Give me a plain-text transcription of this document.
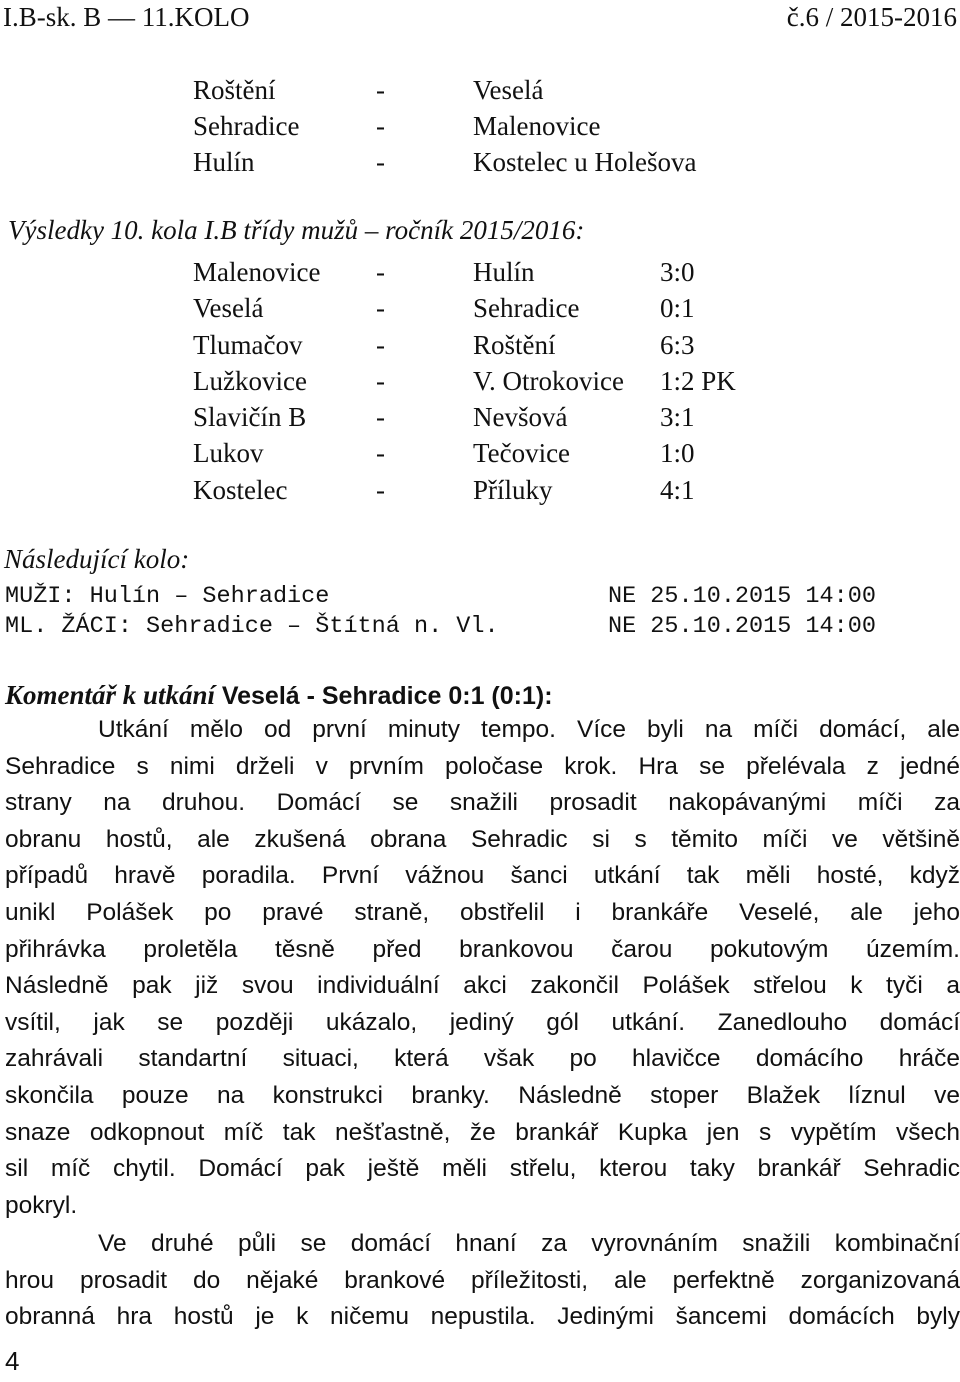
I.B-sk. B — 11.KOLO	č.6 / 2015-2016
Roštění	-	Veselá
Sehradice	-	Malenovice
Hulín	-	Kostelec u Holešova
Výsledky 10. kola I.B třídy mužů – ročník 2015/2016:
Malenovice -	Hulín	3:0
Veselá	-	Sehradice	0:1
Tlumačov	-	Roštění	6:3
Lužkovice	-	V. Otrokovice	1:2 PK
Slavičín B	-	Nevšová	3:1
Lukov	-	Tečovice	1:0
Kostelec	-	Příluky	4:1
Následující kolo:
MUŽI: Hulín – Sehradice	NE 25.10.2015 14:00
ML. ŽÁCI: Sehradice – Štítná n. Vl.	NE 25.10.2015 14:00
Komentář k utkání Veselá - Sehradice 0:1 (0:1):
Utkání mělo od první minuty tempo. Více byli na míči domácí, ale
Sehradice s nimi drželi v prvním poločase krok. Hra se přelévala z jedné
strany na druhou. Domácí se snažili prosadit nakopávanými míči za
obranu hostů, ale zkušená obrana Sehradic si s těmito míči ve většině
případů hravě poradila. První vážnou šanci utkání tak měli hosté, když
unikl Polášek po pravé straně, obstřelil i brankáře Veselé, ale jeho
přihrávka proletěla těsně před brankovou čarou pokutovým územím.
Následně pak již svou individuální akci zakončil Polášek střelou k tyči a
vsítil, jak se později ukázalo, jediný gól utkání. Zanedlouho domácí
zahrávali standartní situaci, která však po hlavičce domácího hráče
skončila pouze na konstrukci branky. Následně stoper Blažek líznul ve
snaze odkopnout míč tak nešťastně, že brankář Kupka jen s vypětím všech
sil míč chytil. Domácí pak ještě měli střelu, kterou taky brankář Sehradic
pokryl.
Ve druhé půli se domácí hnaní za vyrovnáním snažili kombinační
hrou prosadit do nějaké brankové příležitosti, ale perfektně zorganizovaná
obranná hra hostů je k ničemu nepustila. Jedinými šancemi domácích byly
4
